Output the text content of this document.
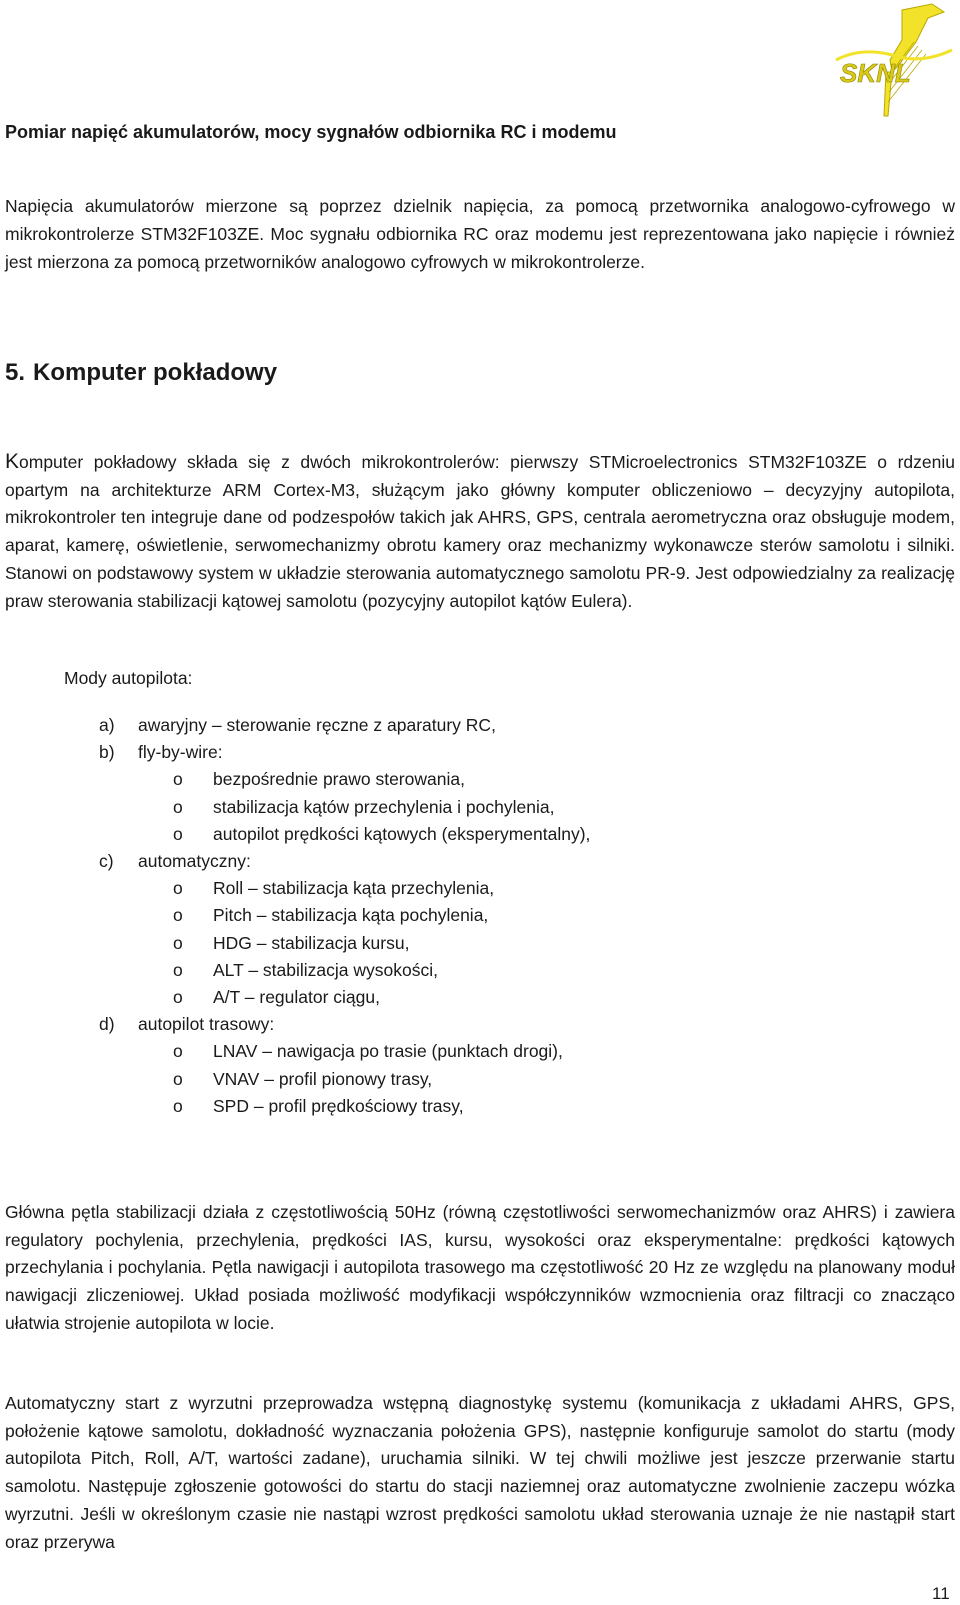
SKNL
Pomiar napięć akumulatorów, mocy sygnałów odbiornika RC i modemu
Napięcia akumulatorów mierzone są poprzez dzielnik napięcia, za pomocą przetwornika analogowo-cyfrowego w mikrokontrolerze STM32F103ZE. Moc sygnału odbiornika RC oraz modemu jest reprezentowana jako napięcie i również jest mierzona za pomocą przetworników analogowo cyfrowych w mikrokontrolerze.
5. Komputer pokładowy
Komputer pokładowy składa się z dwóch mikrokontrolerów: pierwszy STMicroelectronics STM32F103ZE o rdzeniu opartym na architekturze ARM Cortex-M3, służącym jako główny komputer obliczeniowo – decyzyjny autopilota, mikrokontroler ten integruje dane od podzespołów takich jak AHRS, GPS, centrala aerometryczna oraz obsługuje modem, aparat, kamerę, oświetlenie, serwomechanizmy obrotu kamery oraz mechanizmy wykonawcze sterów samolotu i silniki. Stanowi on podstawowy system w układzie sterowania automatycznego samolotu PR-9. Jest odpowiedzialny za realizację praw sterowania stabilizacji kątowej samolotu (pozycyjny autopilot kątów Eulera).
Mody autopilota:
a) awaryjny – sterowanie ręczne z aparatury RC,
b) fly-by-wire:
o bezpośrednie prawo sterowania,
o stabilizacja kątów przechylenia i pochylenia,
o autopilot prędkości kątowych (eksperymentalny),
c) automatyczny:
o Roll – stabilizacja kąta przechylenia,
o Pitch – stabilizacja kąta pochylenia,
o HDG – stabilizacja kursu,
o ALT – stabilizacja wysokości,
o A/T – regulator ciągu,
d) autopilot trasowy:
o LNAV – nawigacja po trasie (punktach drogi),
o VNAV – profil pionowy trasy,
o SPD – profil prędkościowy trasy,
Główna pętla stabilizacji działa z częstotliwością 50Hz (równą częstotliwości serwomechanizmów oraz AHRS) i zawiera regulatory pochylenia, przechylenia, prędkości IAS, kursu, wysokości oraz eksperymentalne: prędkości kątowych przechylania i pochylania. Pętla nawigacji i autopilota trasowego ma częstotliwość 20 Hz ze względu na planowany moduł nawigacji zliczeniowej. Układ posiada możliwość modyfikacji współczynników wzmocnienia oraz filtracji co znacząco ułatwia strojenie autopilota w locie.
Automatyczny start z wyrzutni przeprowadza wstępną diagnostykę systemu (komunikacja z układami AHRS, GPS, położenie kątowe samolotu, dokładność wyznaczania położenia GPS), następnie konfiguruje samolot do startu (mody autopilota Pitch, Roll, A/T, wartości zadane), uruchamia silniki. W tej chwili możliwe jest jeszcze przerwanie startu samolotu. Następuje zgłoszenie gotowości do startu do stacji naziemnej oraz automatyczne zwolnienie zaczepu wózka wyrzutni. Jeśli w określonym czasie nie nastąpi wzrost prędkości samolotu układ sterowania uznaje że nie nastąpił start oraz przerywa
11
